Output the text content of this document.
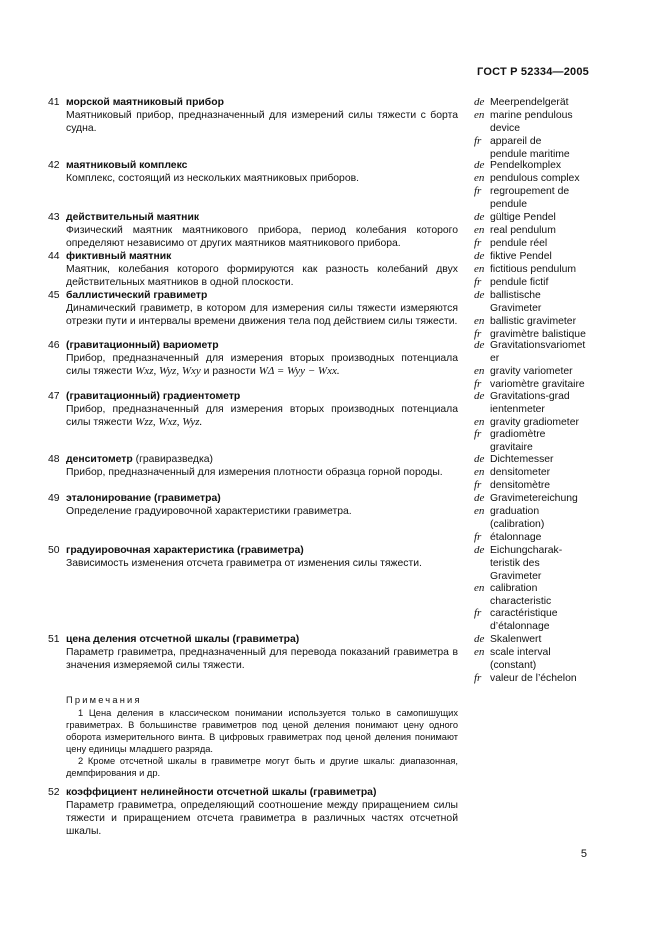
ГОСТ Р 52334—2005
41 морской маятниковый прибор

Маятниковый прибор, предназначенный для измерений силы тяжести с борта судна.

42 маятниковый комплекс

Комплекс, состоящий из нескольких маятниковых приборов.

43 действительный маятник

Физический маятник маятникового прибора, период колебания которого определяют независимо от других маятников маятникового прибора.

44 фиктивный маятник

Маятник, колебания которого формируются как разность колебаний двух действительных маятников в одной плоскости.

45 баллистический гравиметр

Динамический гравиметр, в котором для измерения силы тяжести измеряются отрезки пути и интервалы времени движения тела под действием силы тяжести.

46 (гравитационный) вариометр

Прибор, предназначенный для измерения вторых производных потенциала силы тяжести Wxz, Wyz, Wxy и разности WΔ = Wyy − Wxx.

47 (гравитационный) градиентометр

Прибор, предназначенный для измерения вторых производных потенциала силы тяжести Wzz, Wxz, Wyz.

48 денситометр (гравиразведка)

Прибор, предназначенный для измерения плотности образца горной породы.

49 эталонирование (гравиметра)

Определение градуировочной характеристики гравиметра.

50 градуировочная характеристика (гравиметра)

Зависимость изменения отсчета гравиметра от изменения силы тяжести.

51 цена деления отсчетной шкалы (гравиметра)

Параметр гравиметра, предназначенный для перевода показаний гравиметра в значения измеряемой силы тяжести.

Примечания

1 Цена деления в классическом понимании используется только в самопишущих гравиметрах. В большинстве гравиметров под ценой деления понимают цену одного оборота измерительного винта. В цифровых гравиметрах под ценой деления понимают цену единицы младшего разряда.

2 Кроме отсчетной шкалы в гравиметре могут быть и другие шкалы: диапазонная, демпфирования и др.

52 коэффициент нелинейности отсчетной шкалы (гравиметра)

Параметр гравиметра, определяющий соотношение между приращением силы тяжести и приращением отсчета гравиметра в различных частях отсчетной шкалы.

de Meerpendelgerät
en marine pendulous device
fr appareil de pendule maritime
de Pendelkomplex
en pendulous complex
fr regroupement de pendule
de gültige Pendel
en real pendulum
fr pendule réel
de fiktive Pendel
en fictitious pendulum
fr pendule fictif
de ballistische Gravimeter
en ballistic gravimeter
fr gravimètre balistique
de Gravitationsvariometer
en gravity variometer
fr variomètre gravitaire
de Gravitations-gradientenmeter
en gravity gradiometer
fr gradiomètre gravitaire
de Dichtemesser
en densitometer
fr densitomètre
de Gravimetereichung
en graduation (calibration)
fr étalonnage
de Eichungcharak-teristik des Gravimeter
en calibration characteristic
fr caractéristique d’étalonnage
de Skalenwert
en scale interval (constant)
fr valeur de l’échelon
5
